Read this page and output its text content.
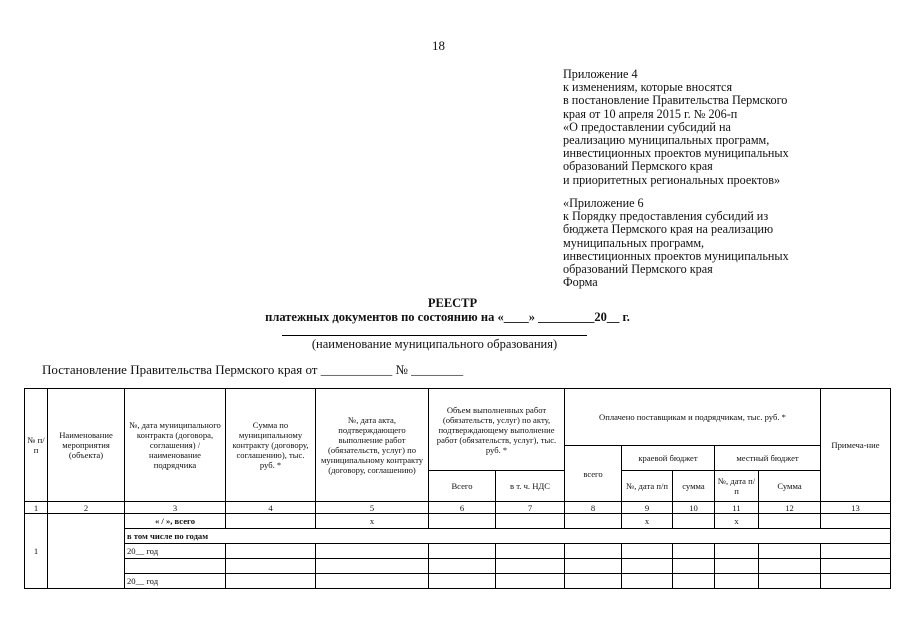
18
Приложение 4
к изменениям, которые вносятся
в постановление Правительства Пермского
края от 10 апреля 2015 г. № 206-п
«О предоставлении субсидий на
реализацию муниципальных программ,
инвестиционных проектов муниципальных
образований Пермского края
и приоритетных региональных проектов»
«Приложение 6
к Порядку предоставления субсидий из
бюджета Пермского края на реализацию
муниципальных программ,
инвестиционных проектов муниципальных
образований Пермского края
Форма
РЕЕСТР
платежных документов по состоянию на «____» _________20__ г.
(наименование муниципального образования)
Постановление Правительства Пермского края от ___________ № ________
№ п/п	Наименование мероприятия (объекта)	№, дата муниципального контракта (договора, соглашения) / наименование подрядчика	Сумма по муниципальному контракту (договору, соглашению), тыс. руб. *	№, дата акта, подтверждающего выполнение работ (обязательств, услуг) по муниципальному контракту (договору, соглашению)	Объем выполненных работ (обязательств, услуг) по акту, подтверждающему выполнение работ (обязательств, услуг), тыс. руб. *		Оплачено поставщикам и подрядчикам, тыс. руб. *					Примеча-ние
							всего	краевой бюджет		местный бюджет		
					Всего	в т. ч. НДС		№, дата п/п	сумма	№, дата п/п	Сумма	
1	2	3	4	5	6	7	8	9	10	11	12	13
1		« / », всего		х				х		х		
		в том числе по годам										
		20__ год										

		20__ год										
